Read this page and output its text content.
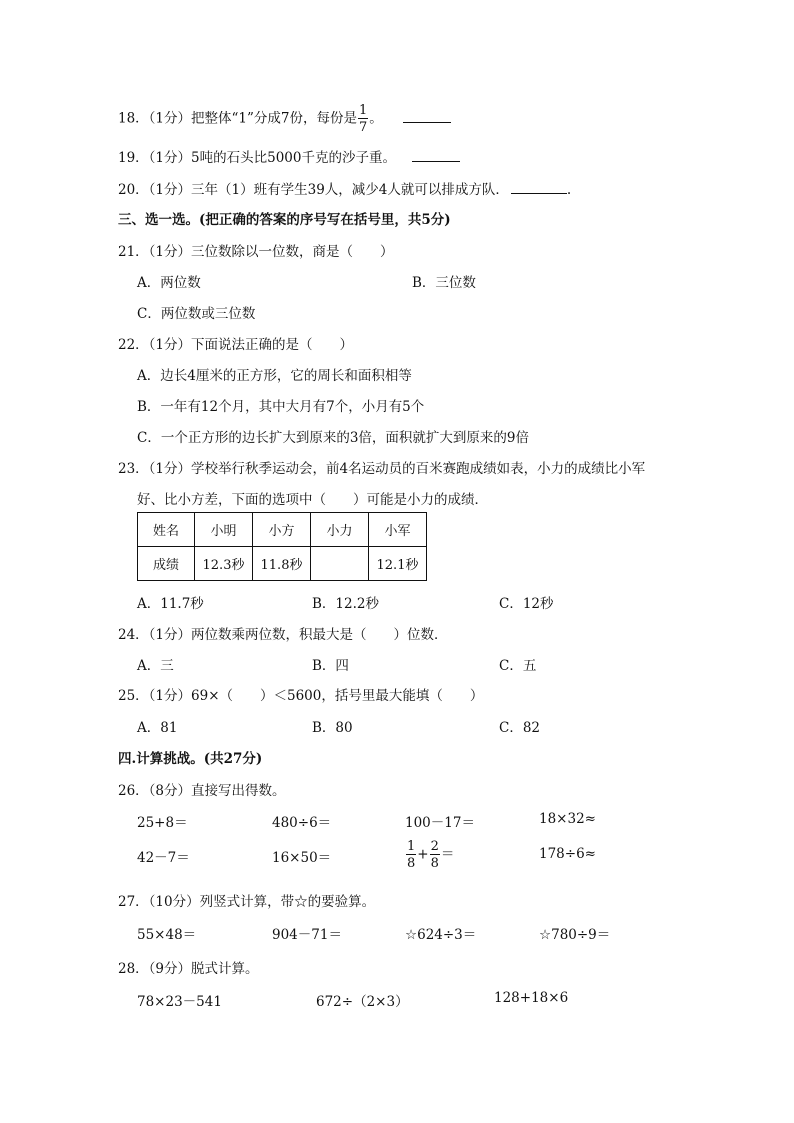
18．（1分）把整体“1”分成7份，每份是 $\frac{1}{7}$ 。
19．（1分）5吨的石头比5000千克的沙子重。
20．（1分）三年（1）班有学生39人，减少4人就可以排成方队．	.
三、选一选。(把正确的答案的序号写在括号里，共5分)
21．（1分）三位数除以一位数，商是（　　）
A．两位数	B．三位数
C．两位数或三位数
22．（1分）下面说法正确的是（　　）
A．边长4厘米的正方形，它的周长和面积相等
B．一年有12个月，其中大月有7个，小月有5个
C．一个正方形的边长扩大到原来的3倍，面积就扩大到原来的9倍
23．（1分）学校举行秋季运动会，前4名运动员的百米赛跑成绩如表，小力的成绩比小军
好、比小方差，下面的选项中（　　）可能是小力的成绩．
姓名	小明	小方	小力	小军
成绩	12.3秒	11.8秒		12.1秒
A．11.7秒	B．12.2秒	C．12秒
24．（1分）两位数乘两位数，积最大是（　　）位数．
A．三	B．四	C．五
25．（1分）69×（　　）＜5600，括号里最大能填（　　）
A．81	B．80	C．82
四.计算挑战。(共27分)
26．（8分）直接写出得数。
25+8＝	480÷6＝	100－17＝	18×32≈
42－7＝	16×50＝	$\frac{1}{8} + \frac{2}{8}$ ＝	178÷6≈
27．（10分）列竖式计算，带☆的要验算。
55×48＝	904－71＝	☆624÷3＝	☆780÷9＝
28．（9分）脱式计算。
78×23－541	672÷（2×3）	128+18×6
